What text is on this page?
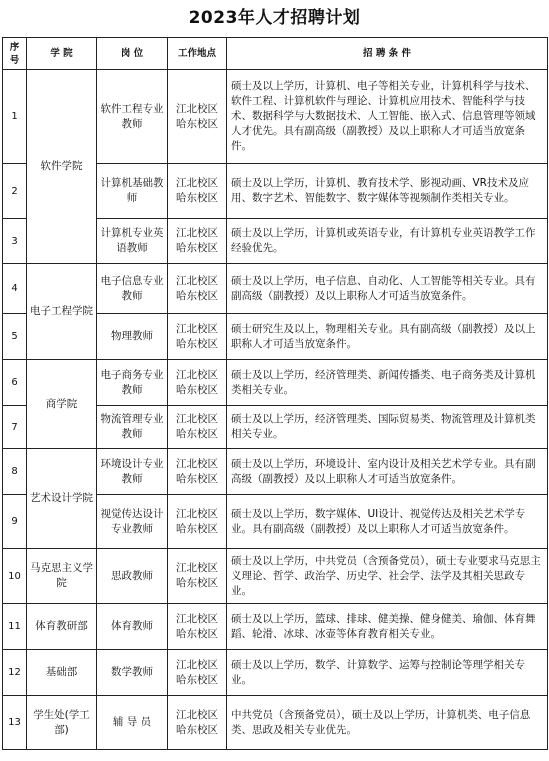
2023年人才招聘计划
序号	学 院	岗 位	工作地点	招 聘 条 件
1	软件学院	软件工程专业教师	江北校区哈东校区	硕士及以上学历，计算机、电子等相关专业，计算机科学与技术、软件工程、计算机软件与理论、计算机应用技术、智能科学与技术、数据科学与大数据技术、人工智能、嵌入式、信息管理等领域人才优先。具有副高级（副教授）及以上职称人才可适当放宽条件。
2		计算机基础教师	江北校区哈东校区	硕士及以上学历，计算机、教育技术学、影视动画、VR技术及应用、数字艺术、智能数字、数字媒体等视频制作类相关专业。
3		计算机专业英语教师	江北校区哈东校区	硕士及以上学历，计算机或英语专业，有计算机专业英语教学工作经验优先。
4	电子工程学院	电子信息专业教师	江北校区哈东校区	硕士及以上学历，电子信息、自动化、人工智能等相关专业。具有副高级（副教授）及以上职称人才可适当放宽条件。
5		物理教师	江北校区哈东校区	硕士研究生及以上，物理相关专业。具有副高级（副教授）及以上职称人才可适当放宽条件。
6	商学院	电子商务专业教师	江北校区哈东校区	硕士及以上学历，经济管理类、新闻传播类、电子商务类及计算机类相关专业。
7		物流管理专业教师	江北校区哈东校区	硕士及以上学历，经济管理类、国际贸易类、物流管理及计算机类相关专业。
8	艺术设计学院	环境设计专业教师	江北校区哈东校区	硕士及以上学历，环境设计、室内设计及相关艺术学专业。具有副高级（副教授）及以上职称人才可适当放宽条件。
9		视觉传达设计专业教师	江北校区哈东校区	硕士及以上学历，数字媒体、UI设计、视觉传达及相关艺术学专业。具有副高级（副教授）及以上职称人才可适当放宽条件。
10	马克思主义学院	思政教师	江北校区哈东校区	硕士及以上学历，中共党员（含预备党员），硕士专业要求马克思主义理论、哲学、政治学、历史学、社会学、法学及其相关思政专业。
11	体育教研部	体育教师	江北校区哈东校区	硕士及以上学历，篮球、排球、健美操、健身健美、瑜伽、体育舞蹈、轮滑、冰球、冰壶等体育教育相关专业。
12	基础部	数学教师	江北校区哈东校区	硕士及以上学历，数学、计算数学、运筹与控制论等理学相关专业。
13	学生处(学工部)	辅 导 员	江北校区哈东校区	中共党员（含预备党员），硕士及以上学历，计算机类、电子信息类、思政及相关专业优先。
